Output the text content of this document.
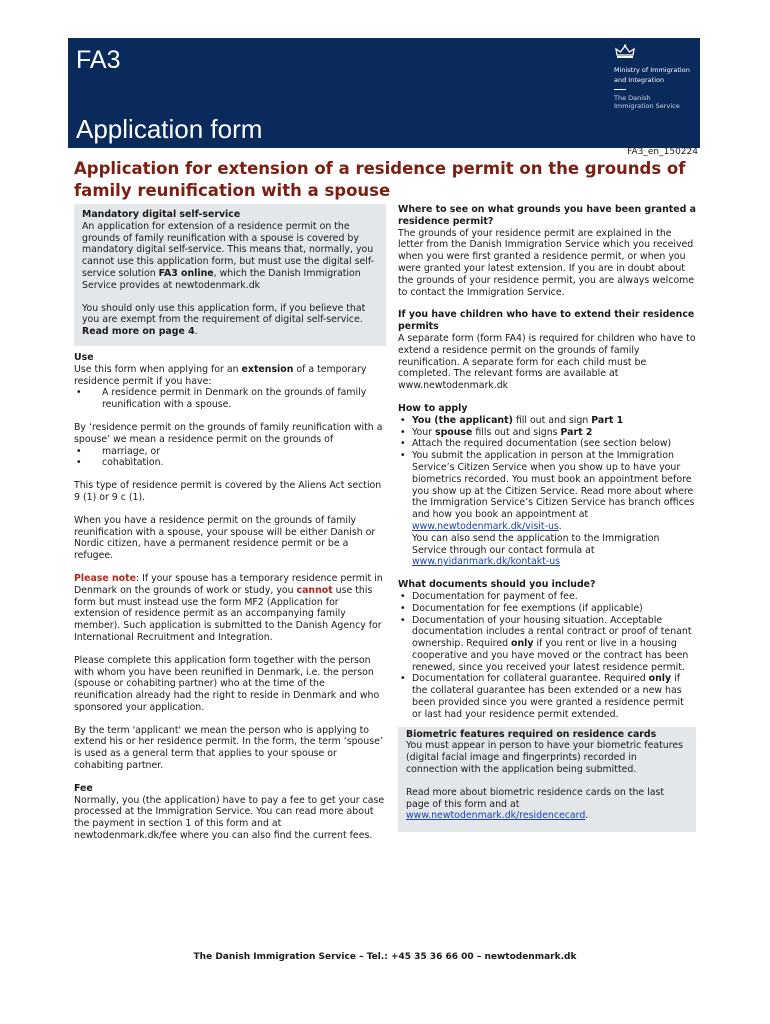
FA3
Application form
Ministry of Immigration
and Integration
The Danish
Immigration Service
FA3_en_150224
Application for extension of a residence permit on the grounds of family reunification with a spouse

Mandatory digital self-service

An application for extension of a residence permit on the grounds of family reunification with a spouse is covered by mandatory digital self-service. This means that, normally, you cannot use this application form, but must use the digital self-service solution FA3 online, which the Danish Immigration Service provides at newtodenmark.dk

You should only use this application form, if you believe that you are exempt from the requirement of digital self-service. Read more on page 4.

Use

Use this form when applying for an extension of a temporary residence permit if you have:

• A residence permit in Denmark on the grounds of family reunification with a spouse.

By ‘residence permit on the grounds of family reunification with a spouse’ we mean a residence permit on the grounds of

• marriage, or
• cohabitation.

This type of residence permit is covered by the Aliens Act section 9 (1) or 9 c (1).

When you have a residence permit on the grounds of family reunification with a spouse, your spouse will be either Danish or Nordic citizen, have a permanent residence permit or be a refugee.

Please note: If your spouse has a temporary residence permit in Denmark on the grounds of work or study, you cannot use this form but must instead use the form MF2 (Application for extension of residence permit as an accompanying family member). Such application is submitted to the Danish Agency for International Recruitment and Integration.

Please complete this application form together with the person with whom you have been reunified in Denmark, i.e. the person (spouse or cohabiting partner) who at the time of the reunification already had the right to reside in Denmark and who sponsored your application.

By the term 'applicant' we mean the person who is applying to extend his or her residence permit. In the form, the term ‘spouse’ is used as a general term that applies to your spouse or cohabiting partner.

Fee

Normally, you (the application) have to pay a fee to get your case processed at the Immigration Service. You can read more about the payment in section 1 of this form and at newtodenmark.dk/fee where you can also find the current fees.

Where to see on what grounds you have been granted a residence permit?

The grounds of your residence permit are explained in the letter from the Danish Immigration Service which you received when you were first granted a residence permit, or when you were granted your latest extension. If you are in doubt about the grounds of your residence permit, you are always welcome to contact the Immigration Service.

If you have children who have to extend their residence permits

A separate form (form FA4) is required for children who have to extend a residence permit on the grounds of family reunification. A separate form for each child must be completed. The relevant forms are available at www.newtodenmark.dk

How to apply

• You (the applicant) fill out and sign Part 1
• Your spouse fills out and signs Part 2
• Attach the required documentation (see section below)
• You submit the application in person at the Immigration Service’s Citizen Service when you show up to have your biometrics recorded. You must book an appointment before you show up at the Citizen Service. Read more about where the Immigration Service’s Citizen Service has branch offices and how you book an appointment at www.newtodenmark.dk/visit-us.
You can also send the application to the Immigration Service through our contact formula at www.nyidanmark.dk/kontakt-us

What documents should you include?

• Documentation for payment of fee.
• Documentation for fee exemptions (if applicable)
• Documentation of your housing situation. Acceptable documentation includes a rental contract or proof of tenant ownership. Required only if you rent or live in a housing cooperative and you have moved or the contract has been renewed, since you received your latest residence permit.
• Documentation for collateral guarantee. Required only if the collateral guarantee has been extended or a new has been provided since you were granted a residence permit or last had your residence permit extended.

Biometric features required on residence cards

You must appear in person to have your biometric features (digital facial image and fingerprints) recorded in connection with the application being submitted.

Read more about biometric residence cards on the last page of this form and at www.newtodenmark.dk/residencecard.

The Danish Immigration Service – Tel.: +45 35 36 66 00 – newtodenmark.dk
